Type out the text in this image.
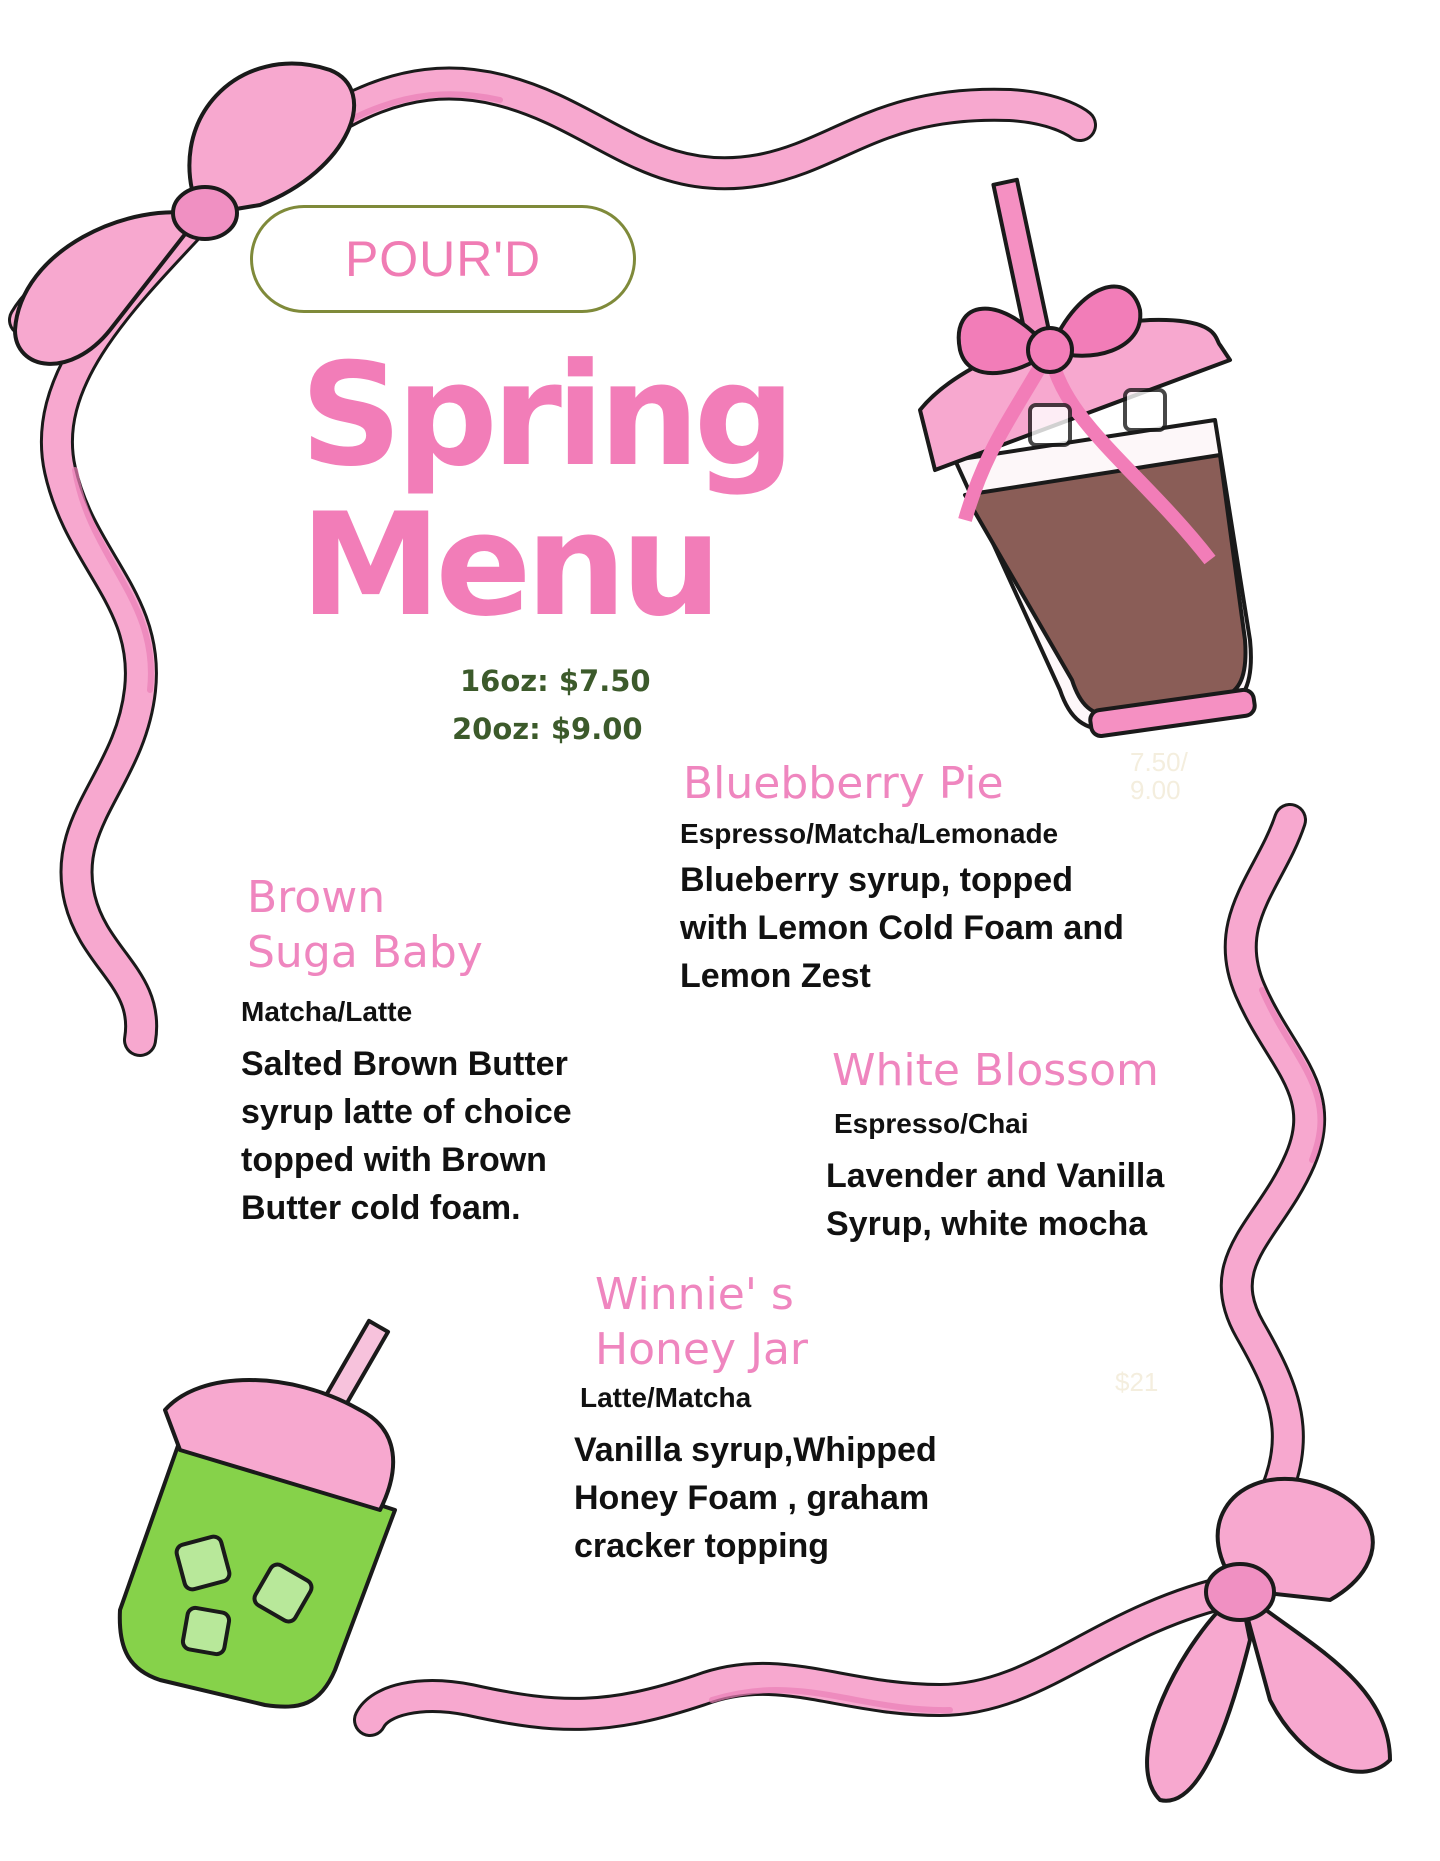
POUR'D
Spring
Menu
16oz: $7.50
20oz: $9.00
Bluebberry Pie
Espresso/Matcha/Lemonade
Blueberry syrup, topped
with Lemon Cold Foam and
Lemon Zest
Brown
Suga Baby
Matcha/Latte
Salted Brown Butter
syrup latte of choice
topped with Brown
Butter cold foam.
White Blossom
Espresso/Chai
Lavender and Vanilla
Syrup, white mocha
Winnie' s
Honey Jar
Latte/Matcha
Vanilla syrup,Whipped
Honey Foam , graham
cracker topping
7.50/
9.00
$21
